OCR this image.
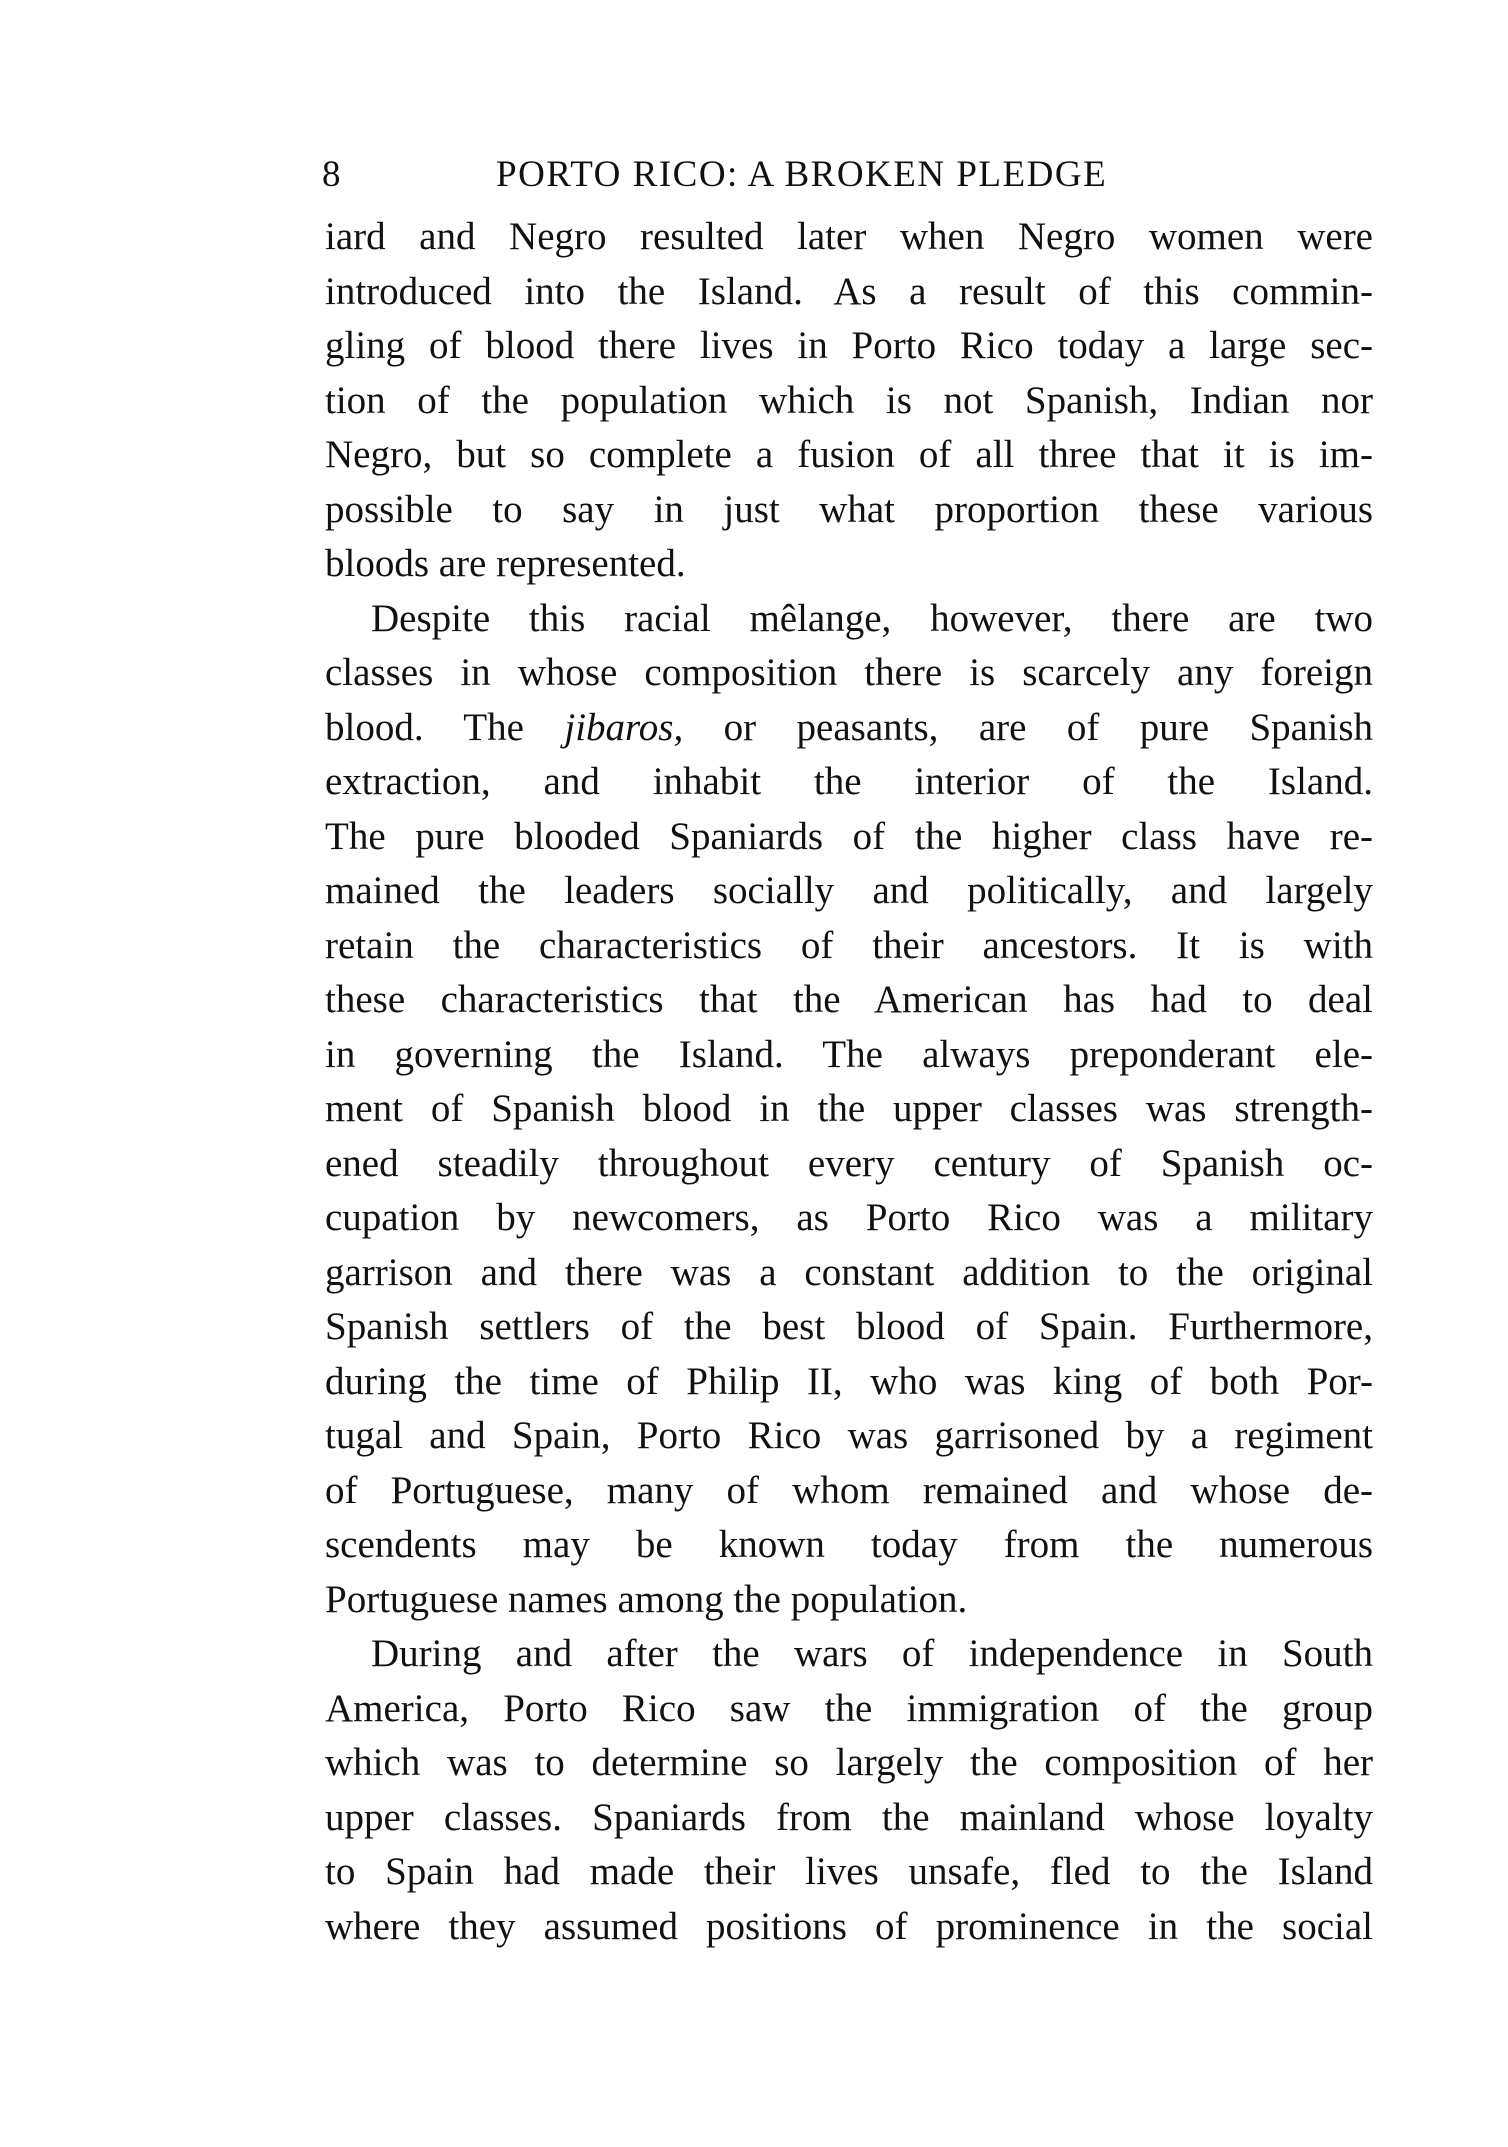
8	PORTO RICO: A BROKEN PLEDGE
iard and Negro resulted later when Negro women were
introduced into the Island. As a result of this commin-
gling of blood there lives in Porto Rico today a large sec-
tion of the population which is not Spanish, Indian nor
Negro, but so complete a fusion of all three that it is im-
possible to say in just what proportion these various
bloods are represented.
Despite this racial mêlange, however, there are two
classes in whose composition there is scarcely any foreign
blood. The jibaros, or peasants, are of pure Spanish
extraction, and inhabit the interior of the Island.
The pure blooded Spaniards of the higher class have re-
mained the leaders socially and politically, and largely
retain the characteristics of their ancestors. It is with
these characteristics that the American has had to deal
in governing the Island. The always preponderant ele-
ment of Spanish blood in the upper classes was strength-
ened steadily throughout every century of Spanish oc-
cupation by newcomers, as Porto Rico was a military
garrison and there was a constant addition to the original
Spanish settlers of the best blood of Spain. Furthermore,
during the time of Philip II, who was king of both Por-
tugal and Spain, Porto Rico was garrisoned by a regiment
of Portuguese, many of whom remained and whose de-
scendents may be known today from the numerous
Portuguese names among the population.
During and after the wars of independence in South
America, Porto Rico saw the immigration of the group
which was to determine so largely the composition of her
upper classes. Spaniards from the mainland whose loyalty
to Spain had made their lives unsafe, fled to the Island
where they assumed positions of prominence in the social
